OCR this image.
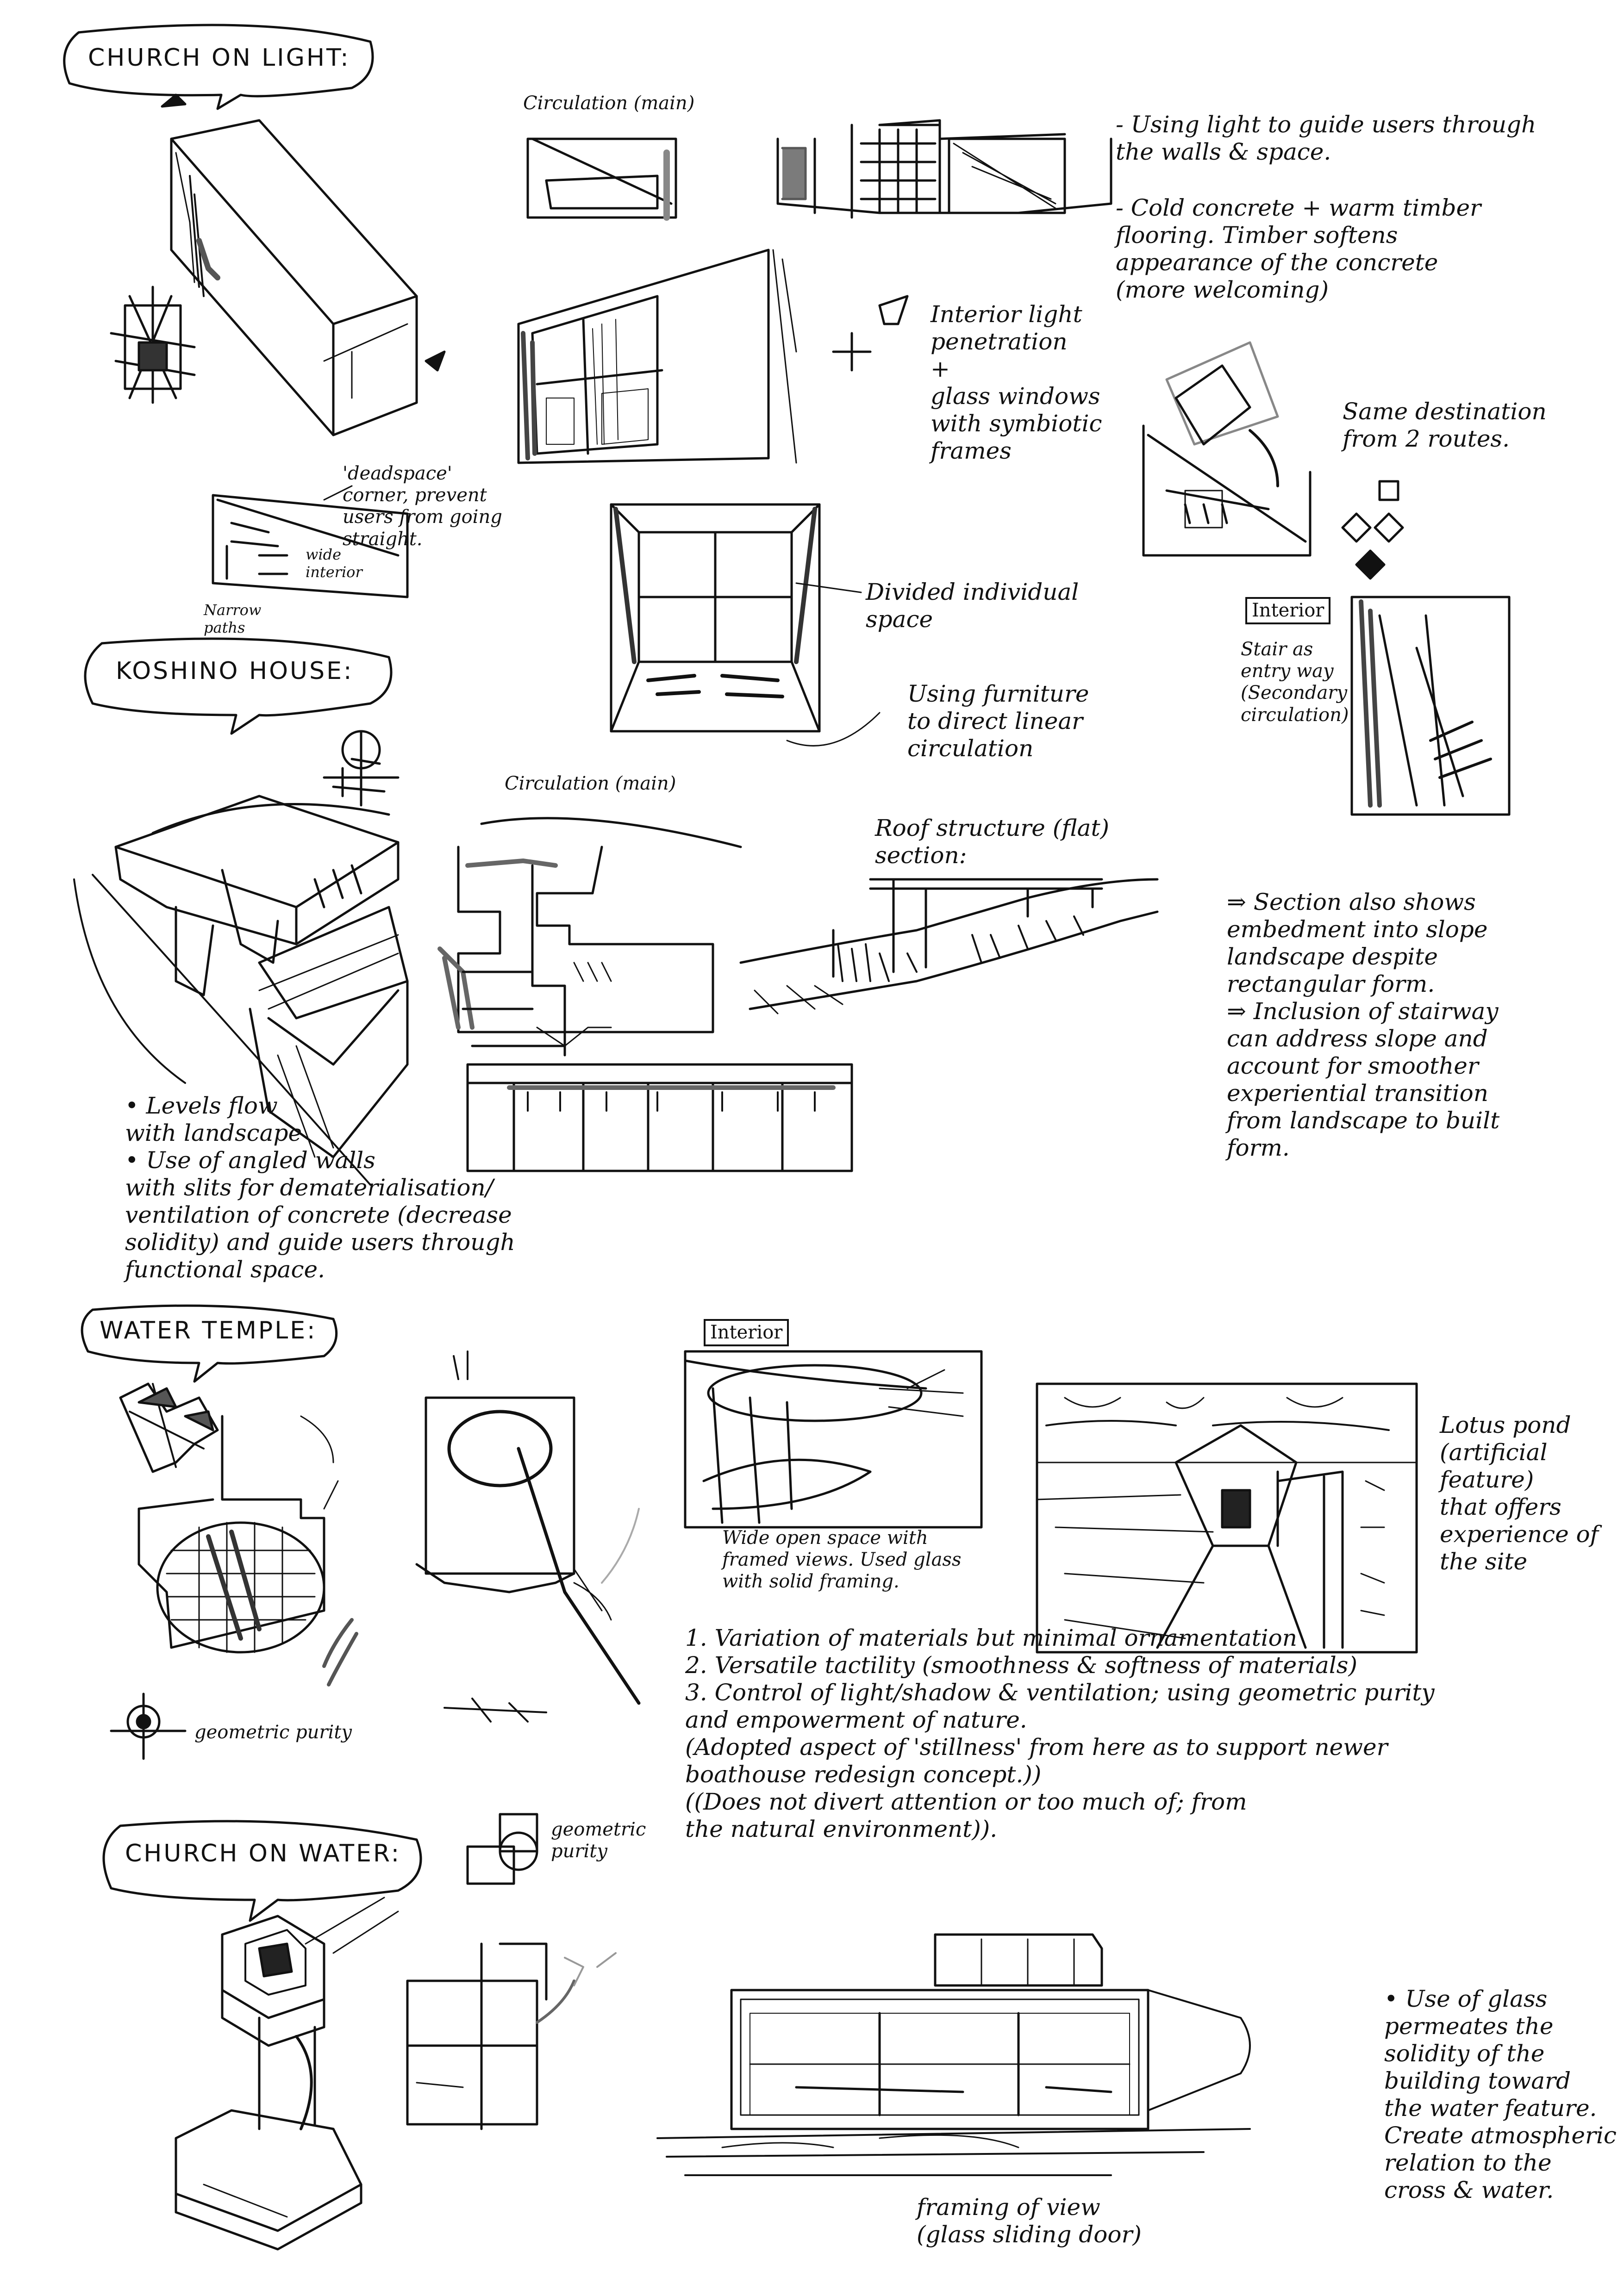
CHURCH ON LIGHT:
Circulation (main)
- Using light to guide users through
the walls & space.
- Cold concrete + warm timber
flooring. Timber softens
appearance of the concrete
(more welcoming)
Interior light
penetration
+
glass windows
with symbiotic
frames
'deadspace'
corner, prevent
users from going
straight.
wide
interior
Narrow
paths
Same destination
from 2 routes.
Divided individual
space
Using furniture
to direct linear
circulation
Interior
Stair as
entry way
(Secondary
circulation)
KOSHINO HOUSE:
Circulation (main)
Roof structure (flat)
section:
⇒ Section also shows
embedment into slope
landscape despite
rectangular form.
⇒ Inclusion of stairway
can address slope and
account for smoother
experiential transition
from landscape to built
form.
• Levels flow
with landscape
• Use of angled walls
with slits for dematerialisation/
ventilation of concrete (decrease
solidity) and guide users through
functional space.
WATER TEMPLE:
geometric purity
Interior
Wide open space with
framed views. Used glass
with solid framing.
Lotus pond
(artificial
feature)
that offers
experience of
the site
1. Variation of materials but minimal ornamentation
2. Versatile tactility (smoothness & softness of materials)
3. Control of light/shadow & ventilation; using geometric purity
and empowerment of nature.
(Adopted aspect of 'stillness' from here as to support newer
boathouse redesign concept.))
((Does not divert attention or too much of; from
the natural environment)).
CHURCH ON WATER:
geometric
purity
• Use of glass
permeates the
solidity of the
building toward
the water feature.
Create atmospheric
relation to the
cross & water.
framing of view
(glass sliding door)
